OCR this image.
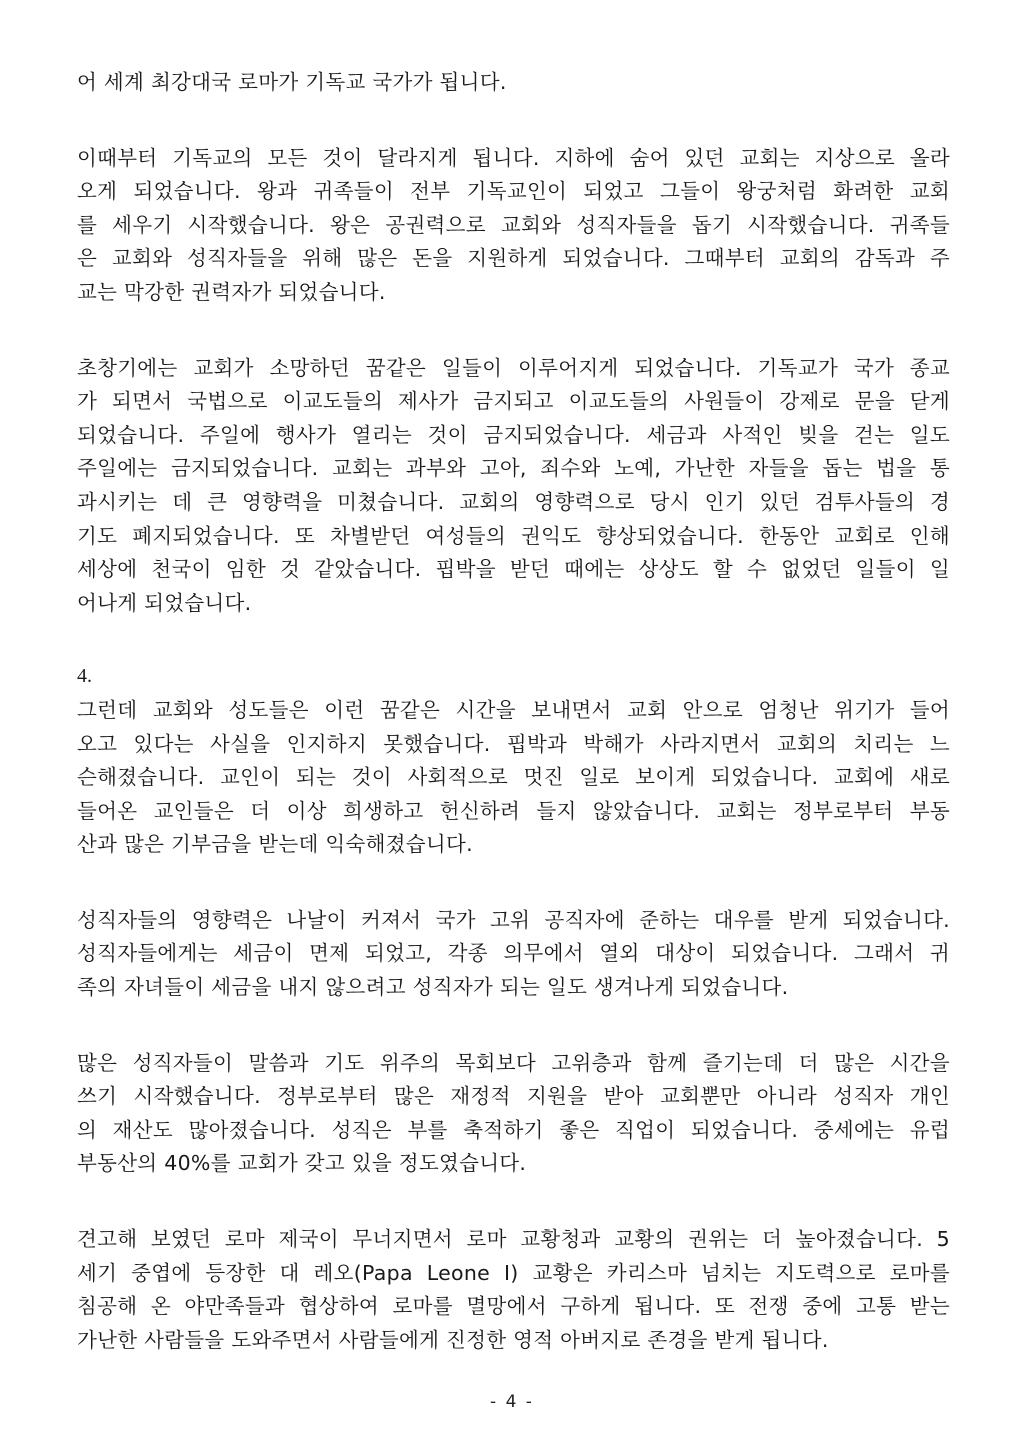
어 세계 최강대국 로마가 기독교 국가가 됩니다.
이때부터 기독교의 모든 것이 달라지게 됩니다. 지하에 숨어 있던 교회는 지상으로 올라
오게 되었습니다. 왕과 귀족들이 전부 기독교인이 되었고 그들이 왕궁처럼 화려한 교회
를 세우기 시작했습니다. 왕은 공권력으로 교회와 성직자들을 돕기 시작했습니다. 귀족들
은 교회와 성직자들을 위해 많은 돈을 지원하게 되었습니다. 그때부터 교회의 감독과 주
교는 막강한 권력자가 되었습니다.
초창기에는 교회가 소망하던 꿈같은 일들이 이루어지게 되었습니다. 기독교가 국가 종교
가 되면서 국법으로 이교도들의 제사가 금지되고 이교도들의 사원들이 강제로 문을 닫게
되었습니다. 주일에 행사가 열리는 것이 금지되었습니다. 세금과 사적인 빚을 걷는 일도
주일에는 금지되었습니다. 교회는 과부와 고아, 죄수와 노예, 가난한 자들을 돕는 법을 통
과시키는 데 큰 영향력을 미쳤습니다. 교회의 영향력으로 당시 인기 있던 검투사들의 경
기도 폐지되었습니다. 또 차별받던 여성들의 권익도 향상되었습니다. 한동안 교회로 인해
세상에 천국이 임한 것 같았습니다. 핍박을 받던 때에는 상상도 할 수 없었던 일들이 일
어나게 되었습니다.
4.
그런데 교회와 성도들은 이런 꿈같은 시간을 보내면서 교회 안으로 엄청난 위기가 들어
오고 있다는 사실을 인지하지 못했습니다. 핍박과 박해가 사라지면서 교회의 치리는 느
슨해졌습니다. 교인이 되는 것이 사회적으로 멋진 일로 보이게 되었습니다. 교회에 새로
들어온 교인들은 더 이상 희생하고 헌신하려 들지 않았습니다. 교회는 정부로부터 부동
산과 많은 기부금을 받는데 익숙해졌습니다.
성직자들의 영향력은 나날이 커져서 국가 고위 공직자에 준하는 대우를 받게 되었습니다.
성직자들에게는 세금이 면제 되었고, 각종 의무에서 열외 대상이 되었습니다. 그래서 귀
족의 자녀들이 세금을 내지 않으려고 성직자가 되는 일도 생겨나게 되었습니다.
많은 성직자들이 말씀과 기도 위주의 목회보다 고위층과 함께 즐기는데 더 많은 시간을
쓰기 시작했습니다. 정부로부터 많은 재정적 지원을 받아 교회뿐만 아니라 성직자 개인
의 재산도 많아졌습니다. 성직은 부를 축적하기 좋은 직업이 되었습니다. 중세에는 유럽
부동산의 40%를 교회가 갖고 있을 정도였습니다.
견고해 보였던 로마 제국이 무너지면서 로마 교황청과 교황의 권위는 더 높아졌습니다. 5
세기 중엽에 등장한 대 레오(Papa Leone I) 교황은 카리스마 넘치는 지도력으로 로마를
침공해 온 야만족들과 협상하여 로마를 멸망에서 구하게 됩니다. 또 전쟁 중에 고통 받는
가난한 사람들을 도와주면서 사람들에게 진정한 영적 아버지로 존경을 받게 됩니다.
- 4 -
